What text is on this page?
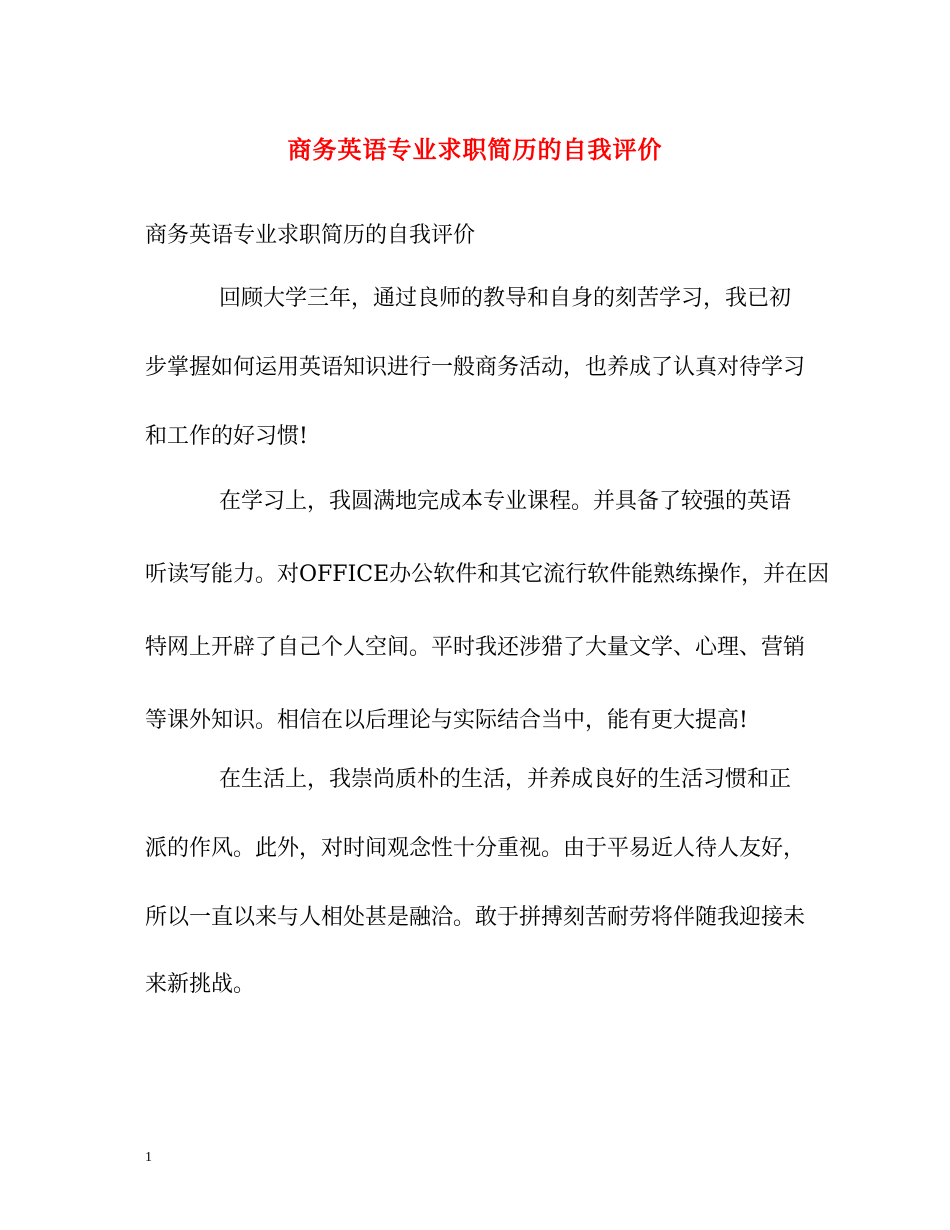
商务英语专业求职简历的自我评价
商务英语专业求职简历的自我评价
回顾大学三年，通过良师的教导和自身的刻苦学习，我已初
步掌握如何运用英语知识进行一般商务活动，也养成了认真对待学习
和工作的好习惯!
在学习上，我圆满地完成本专业课程。并具备了较强的英语
听读写能力。对OFFICE办公软件和其它流行软件能熟练操作，并在因
特网上开辟了自己个人空间。平时我还涉猎了大量文学、心理、营销
等课外知识。相信在以后理论与实际结合当中，能有更大提高!
在生活上，我崇尚质朴的生活，并养成良好的生活习惯和正
派的作风。此外，对时间观念性十分重视。由于平易近人待人友好，
所以一直以来与人相处甚是融洽。敢于拼搏刻苦耐劳将伴随我迎接未
来新挑战。
1
